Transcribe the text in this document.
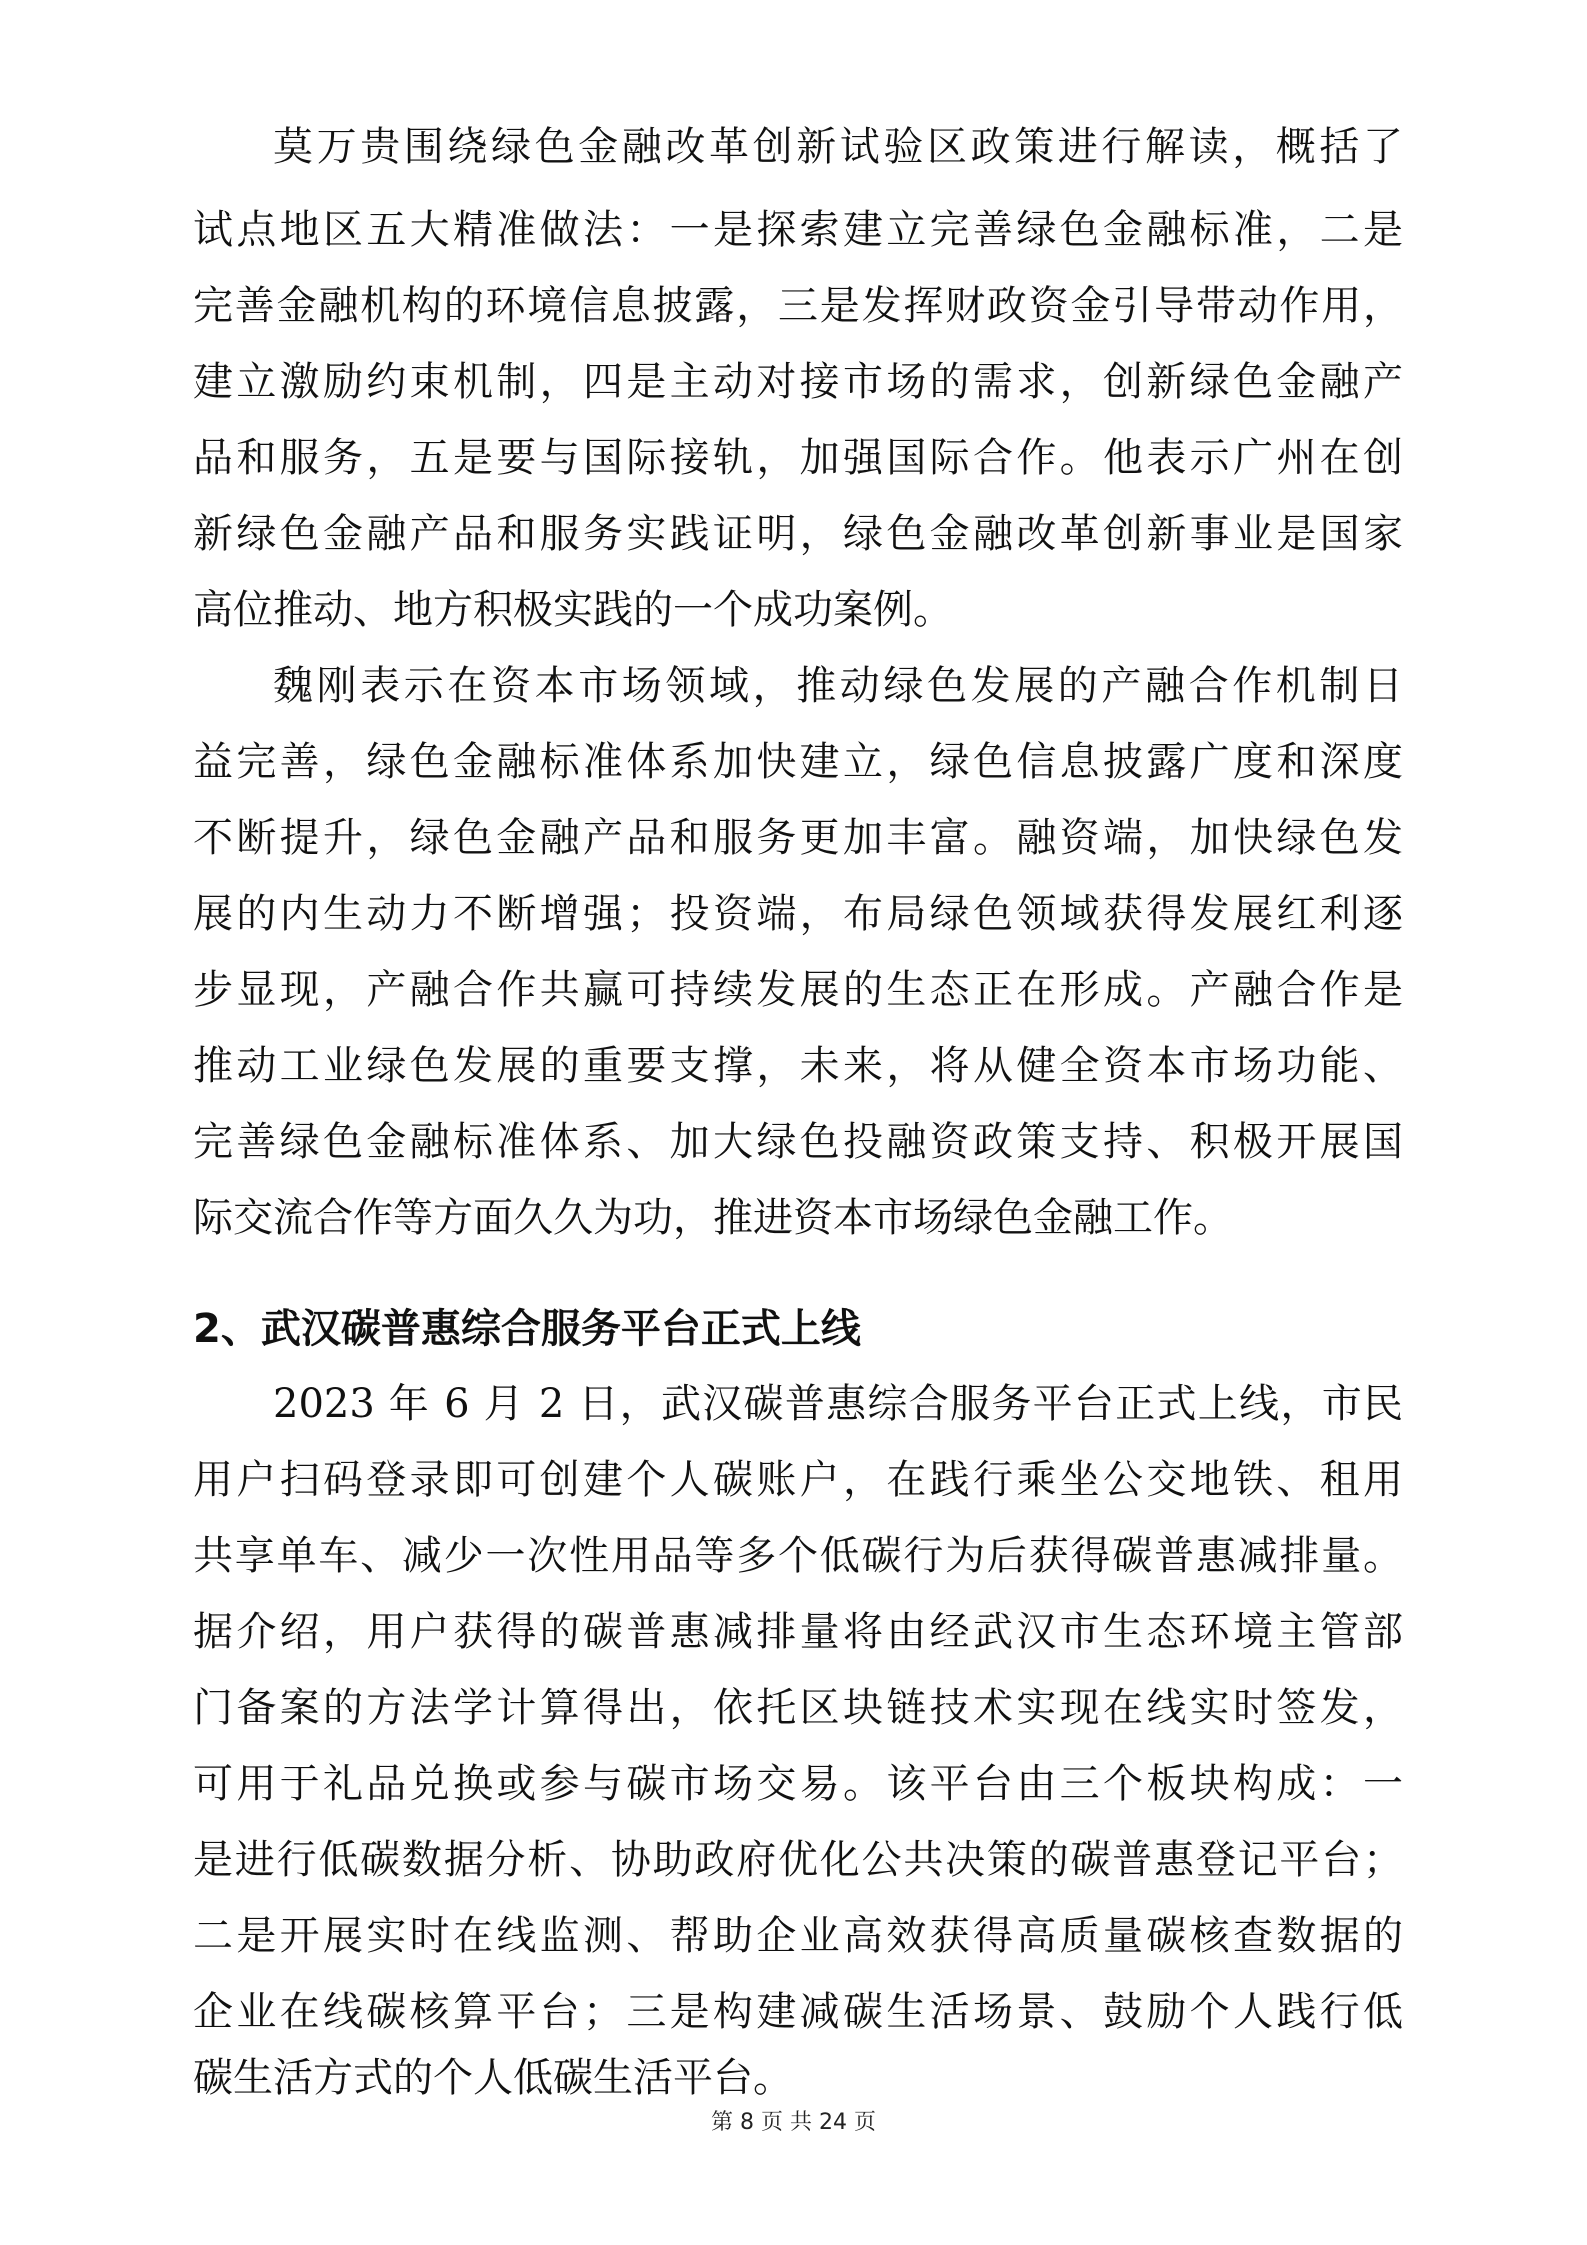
莫万贵围绕绿色金融改革创新试验区政策进行解读，概括了
试点地区五大精准做法：一是探索建立完善绿色金融标准，二是
完善金融机构的环境信息披露，三是发挥财政资金引导带动作用，
建立激励约束机制，四是主动对接市场的需求，创新绿色金融产
品和服务，五是要与国际接轨，加强国际合作。他表示广州在创
新绿色金融产品和服务实践证明，绿色金融改革创新事业是国家
高位推动、地方积极实践的一个成功案例。
魏刚表示在资本市场领域，推动绿色发展的产融合作机制日
益完善，绿色金融标准体系加快建立，绿色信息披露广度和深度
不断提升，绿色金融产品和服务更加丰富。融资端，加快绿色发
展的内生动力不断增强；投资端，布局绿色领域获得发展红利逐
步显现，产融合作共赢可持续发展的生态正在形成。产融合作是
推动工业绿色发展的重要支撑，未来，将从健全资本市场功能、
完善绿色金融标准体系、加大绿色投融资政策支持、积极开展国
际交流合作等方面久久为功，推进资本市场绿色金融工作。
2、武汉碳普惠综合服务平台正式上线
2023 年 6 月 2 日，武汉碳普惠综合服务平台正式上线，市民
用户扫码登录即可创建个人碳账户，在践行乘坐公交地铁、租用
共享单车、减少一次性用品等多个低碳行为后获得碳普惠减排量。
据介绍，用户获得的碳普惠减排量将由经武汉市生态环境主管部
门备案的方法学计算得出，依托区块链技术实现在线实时签发，
可用于礼品兑换或参与碳市场交易。该平台由三个板块构成：一
是进行低碳数据分析、协助政府优化公共决策的碳普惠登记平台；
二是开展实时在线监测、帮助企业高效获得高质量碳核查数据的
企业在线碳核算平台；三是构建减碳生活场景、鼓励个人践行低
碳生活方式的个人低碳生活平台。
第 8 页 共 24 页
